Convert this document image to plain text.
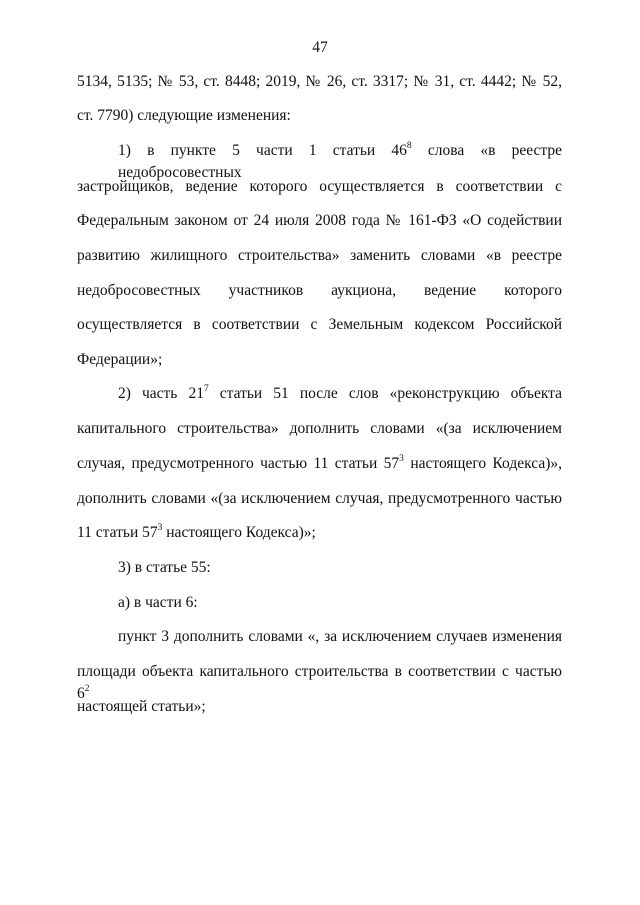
47
5134, 5135; № 53, ст. 8448; 2019, № 26, ст. 3317; № 31, ст. 4442; № 52,
ст. 7790) следующие изменения:
1) в пункте 5 части 1 статьи $46^8$ слова «в реестре недобросовестных
застройщиков, ведение которого осуществляется в соответствии с
Федеральным законом от 24 июля 2008 года № 161-ФЗ «О содействии
развитию жилищного строительства» заменить словами «в реестре
недобросовестных участников аукциона, ведение которого
осуществляется в соответствии с Земельным кодексом Российской
Федерации»;
2) часть $21^7$ статьи 51 после слов «реконструкцию объекта
капитального строительства» дополнить словами «(за исключением
случая, предусмотренного частью 11 статьи $57^3$ настоящего Кодекса)»,
дополнить словами «(за исключением случая, предусмотренного частью
11 статьи $57^3$ настоящего Кодекса)»;
3) в статье 55:
а) в части 6:
пункт 3 дополнить словами «, за исключением случаев изменения
площади объекта капитального строительства в соответствии с частью $6^2$
настоящей статьи»;
